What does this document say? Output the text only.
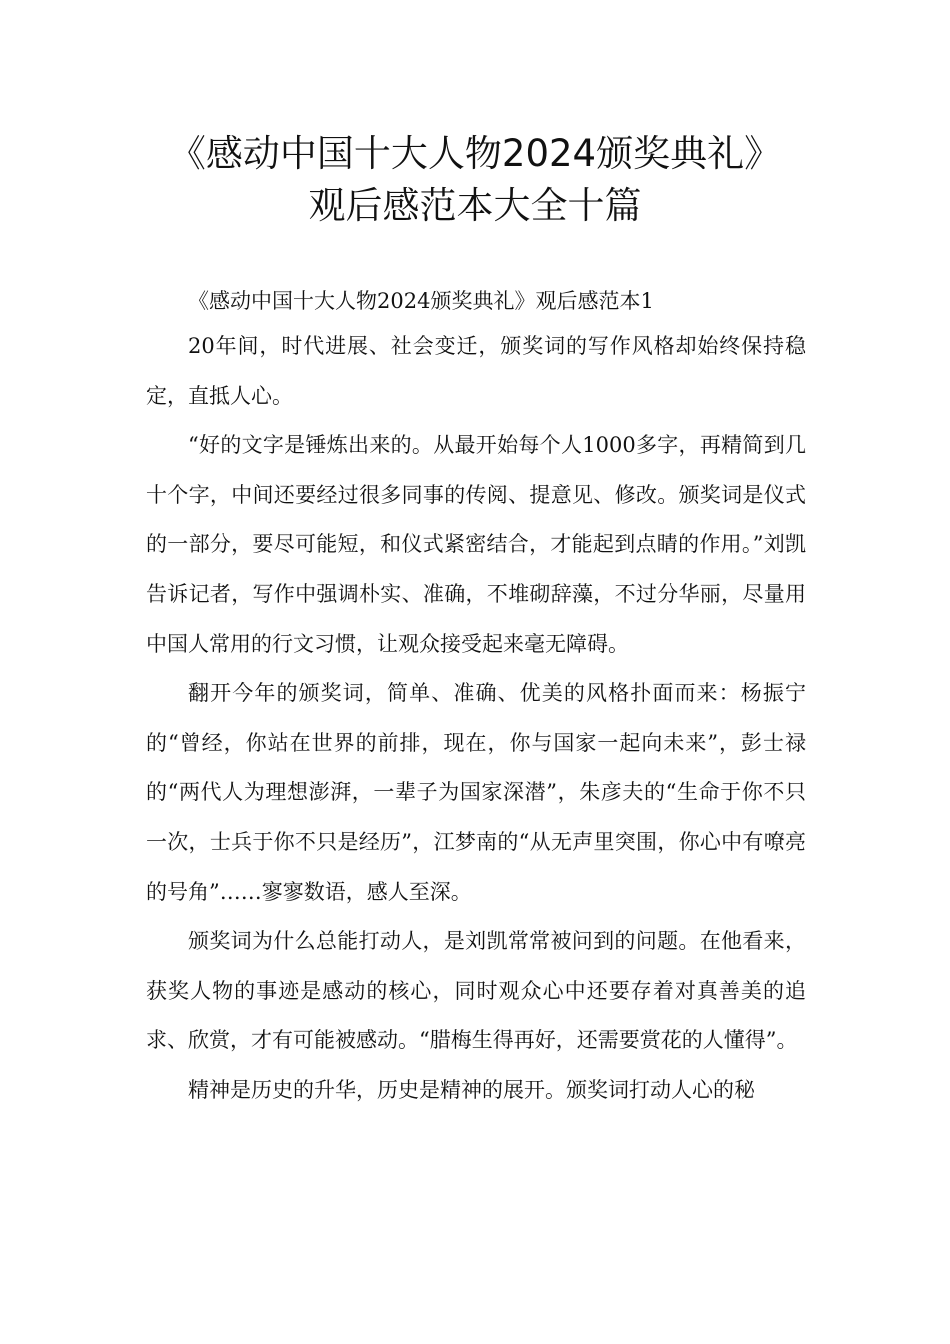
《感动中国十大人物2024颁奖典礼》
观后感范本大全十篇

《感动中国十大人物2024颁奖典礼》观后感范本1

20年间，时代进展、社会变迁，颁奖词的写作风格却始终保持稳定，直抵人心。

“好的文字是锤炼出来的。从最开始每个人1000多字，再精简到几十个字，中间还要经过很多同事的传阅、提意见、修改。颁奖词是仪式的一部分，要尽可能短，和仪式紧密结合，才能起到点睛的作用。”刘凯告诉记者，写作中强调朴实、准确，不堆砌辞藻，不过分华丽，尽量用中国人常用的行文习惯，让观众接受起来毫无障碍。

翻开今年的颁奖词，简单、准确、优美的风格扑面而来：杨振宁的“曾经，你站在世界的前排，现在，你与国家一起向未来”，彭士禄的“两代人为理想澎湃，一辈子为国家深潜”，朱彦夫的“生命于你不只一次，士兵于你不只是经历”，江梦南的“从无声里突围，你心中有嘹亮的号角”……寥寥数语，感人至深。

颁奖词为什么总能打动人，是刘凯常常被问到的问题。在他看来，获奖人物的事迹是感动的核心，同时观众心中还要存着对真善美的追求、欣赏，才有可能被感动。“腊梅生得再好，还需要赏花的人懂得”。

精神是历史的升华，历史是精神的展开。颁奖词打动人心的秘
